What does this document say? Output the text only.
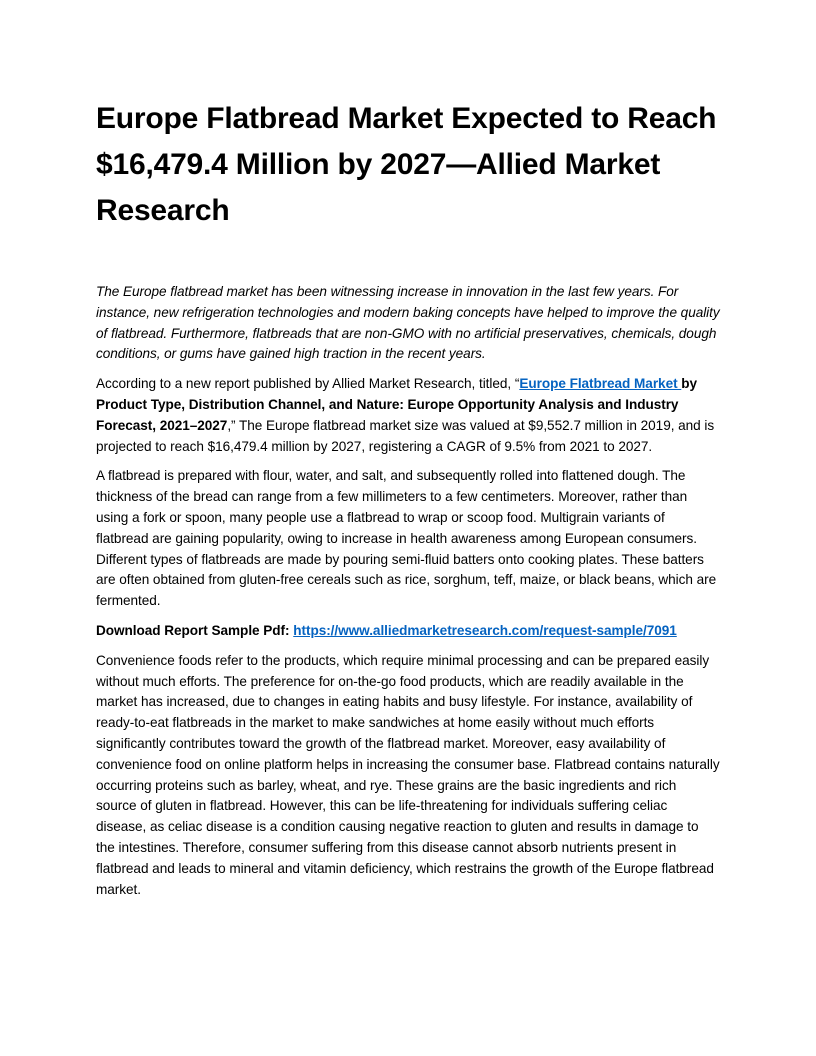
Europe Flatbread Market Expected to Reach $16,479.4 Million by 2027—Allied Market Research

The Europe flatbread market has been witnessing increase in innovation in the last few years. For instance, new refrigeration technologies and modern baking concepts have helped to improve the quality of flatbread. Furthermore, flatbreads that are non-GMO with no artificial preservatives, chemicals, dough conditions, or gums have gained high traction in the recent years.

According to a new report published by Allied Market Research, titled, “Europe Flatbread Market by Product Type, Distribution Channel, and Nature: Europe Opportunity Analysis and Industry Forecast, 2021–2027,” The Europe flatbread market size was valued at $9,552.7 million in 2019, and is projected to reach $16,479.4 million by 2027, registering a CAGR of 9.5% from 2021 to 2027.

A flatbread is prepared with flour, water, and salt, and subsequently rolled into flattened dough. The thickness of the bread can range from a few millimeters to a few centimeters. Moreover, rather than using a fork or spoon, many people use a flatbread to wrap or scoop food. Multigrain variants of flatbread are gaining popularity, owing to increase in health awareness among European consumers. Different types of flatbreads are made by pouring semi-fluid batters onto cooking plates. These batters are often obtained from gluten-free cereals such as rice, sorghum, teff, maize, or black beans, which are fermented.

Download Report Sample Pdf: https://www.alliedmarketresearch.com/request-sample/7091

Convenience foods refer to the products, which require minimal processing and can be prepared easily without much efforts. The preference for on-the-go food products, which are readily available in the market has increased, due to changes in eating habits and busy lifestyle. For instance, availability of ready-to-eat flatbreads in the market to make sandwiches at home easily without much efforts significantly contributes toward the growth of the flatbread market. Moreover, easy availability of convenience food on online platform helps in increasing the consumer base. Flatbread contains naturally occurring proteins such as barley, wheat, and rye. These grains are the basic ingredients and rich source of gluten in flatbread. However, this can be life-threatening for individuals suffering celiac disease, as celiac disease is a condition causing negative reaction to gluten and results in damage to the intestines. Therefore, consumer suffering from this disease cannot absorb nutrients present in flatbread and leads to mineral and vitamin deficiency, which restrains the growth of the Europe flatbread market.
